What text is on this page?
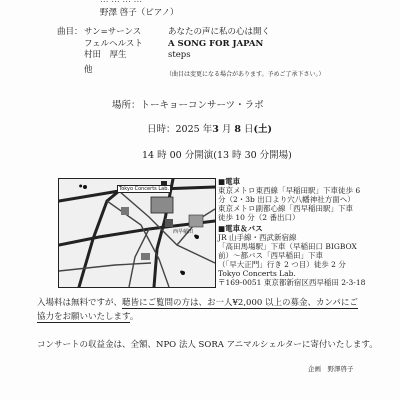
野澤 啓子（ピアノ）
曲目： サン=サーンス	あなたの声に私の心は開く
フェルヘルスト	A SONG FOR JAPAN
村田　厚生	steps
他	（曲目は変更になる場合があります。予めご了承下さい。）
場所：トーキョーコンサーツ・ラボ
日時：2025 年3 月 8 日(土)
14 時 00 分開演(13 時 30 分開場)
Tokyo Concerts Lab.
西早稲田
●
●
●
■電車
東京メトロ東西線「早稲田駅」下車徒歩 6
分（2・3b 出口より穴八幡神社方面へ）
東京メトロ副都心線「西早稲田駅」下車
徒歩 10 分（2 番出口）
■電車＆バス
JR 山手線・西武新宿線
「高田馬場駅」下車（早稲田口 BIGBOX
前）～都バス「西早稲田」下車
（「早大正門」行き 2 つ目）徒歩 2 分
Tokyo Concerts Lab.
〒169-0051 東京都新宿区西早稲田 2-3-18
入場料は無料ですが、聴皆にご覧問の方は、お一人¥2,000 以上の募金、カンパにご
協力をお願いいたします。
コンサートの収益金は、全額、NPO 法人 SORA アニマルシェルターに寄付いたします。
企画　野澤啓子
